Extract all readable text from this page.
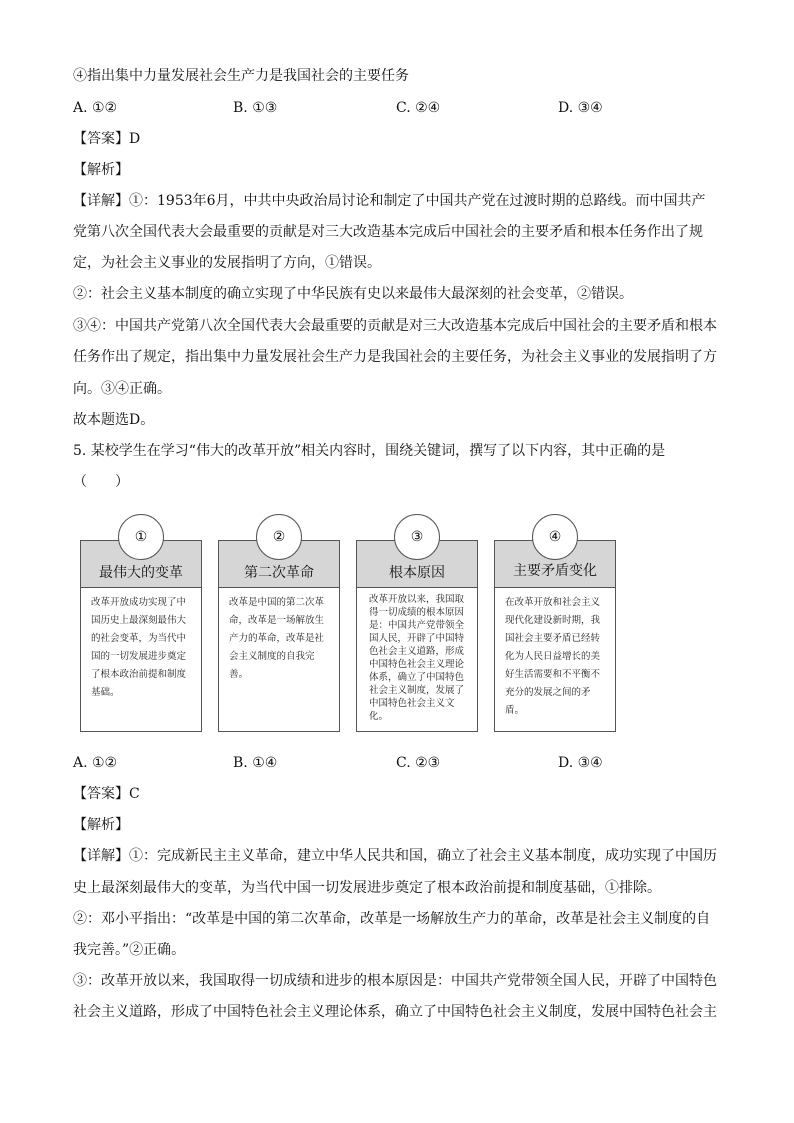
④指出集中力量发展社会生产力是我国社会的主要任务
A. ①②	B. ①③	C. ②④	D. ③④
【答案】D
【解析】
【详解】①：1953年6月，中共中央政治局讨论和制定了中国共产党在过渡时期的总路线。而中国共产
党第八次全国代表大会最重要的贡献是对三大改造基本完成后中国社会的主要矛盾和根本任务作出了规
定，为社会主义事业的发展指明了方向，①错误。
②：社会主义基本制度的确立实现了中华民族有史以来最伟大最深刻的社会变革，②错误。
③④：中国共产党第八次全国代表大会最重要的贡献是对三大改造基本完成后中国社会的主要矛盾和根本
任务作出了规定，指出集中力量发展社会生产力是我国社会的主要任务，为社会主义事业的发展指明了方
向。③④正确。
故本题选D。
5. 某校学生在学习“伟大的改革开放”相关内容时，围绕关键词，撰写了以下内容，其中正确的是
（　　）
①
最伟大的变革
改革开放成功实现了中国历史上最深刻最伟大的社会变革，为当代中国的一切发展进步奠定了根本政治前提和制度基础。
②
第二次革命
改革是中国的第二次革命，改革是一场解放生产力的革命，改革是社会主义制度的自我完善。
③
根本原因
改革开放以来，我国取得一切成绩的根本原因是：中国共产党带领全国人民，开辟了中国特色社会主义道路，形成中国特色社会主义理论体系，确立了中国特色社会主义制度，发展了中国特色社会主义文化。
④
主要矛盾变化
在改革开放和社会主义现代化建设新时期，我国社会主要矛盾已经转化为人民日益增长的美好生活需要和不平衡不充分的发展之间的矛盾。
A. ①②	B. ①④	C. ②③	D. ③④
【答案】C
【解析】
【详解】①：完成新民主主义革命，建立中华人民共和国，确立了社会主义基本制度，成功实现了中国历
史上最深刻最伟大的变革，为当代中国一切发展进步奠定了根本政治前提和制度基础，①排除。
②：邓小平指出：“改革是中国的第二次革命，改革是一场解放生产力的革命，改革是社会主义制度的自
我完善。”②正确。
③：改革开放以来，我国取得一切成绩和进步的根本原因是：中国共产党带领全国人民，开辟了中国特色
社会主义道路，形成了中国特色社会主义理论体系，确立了中国特色社会主义制度，发展中国特色社会主
